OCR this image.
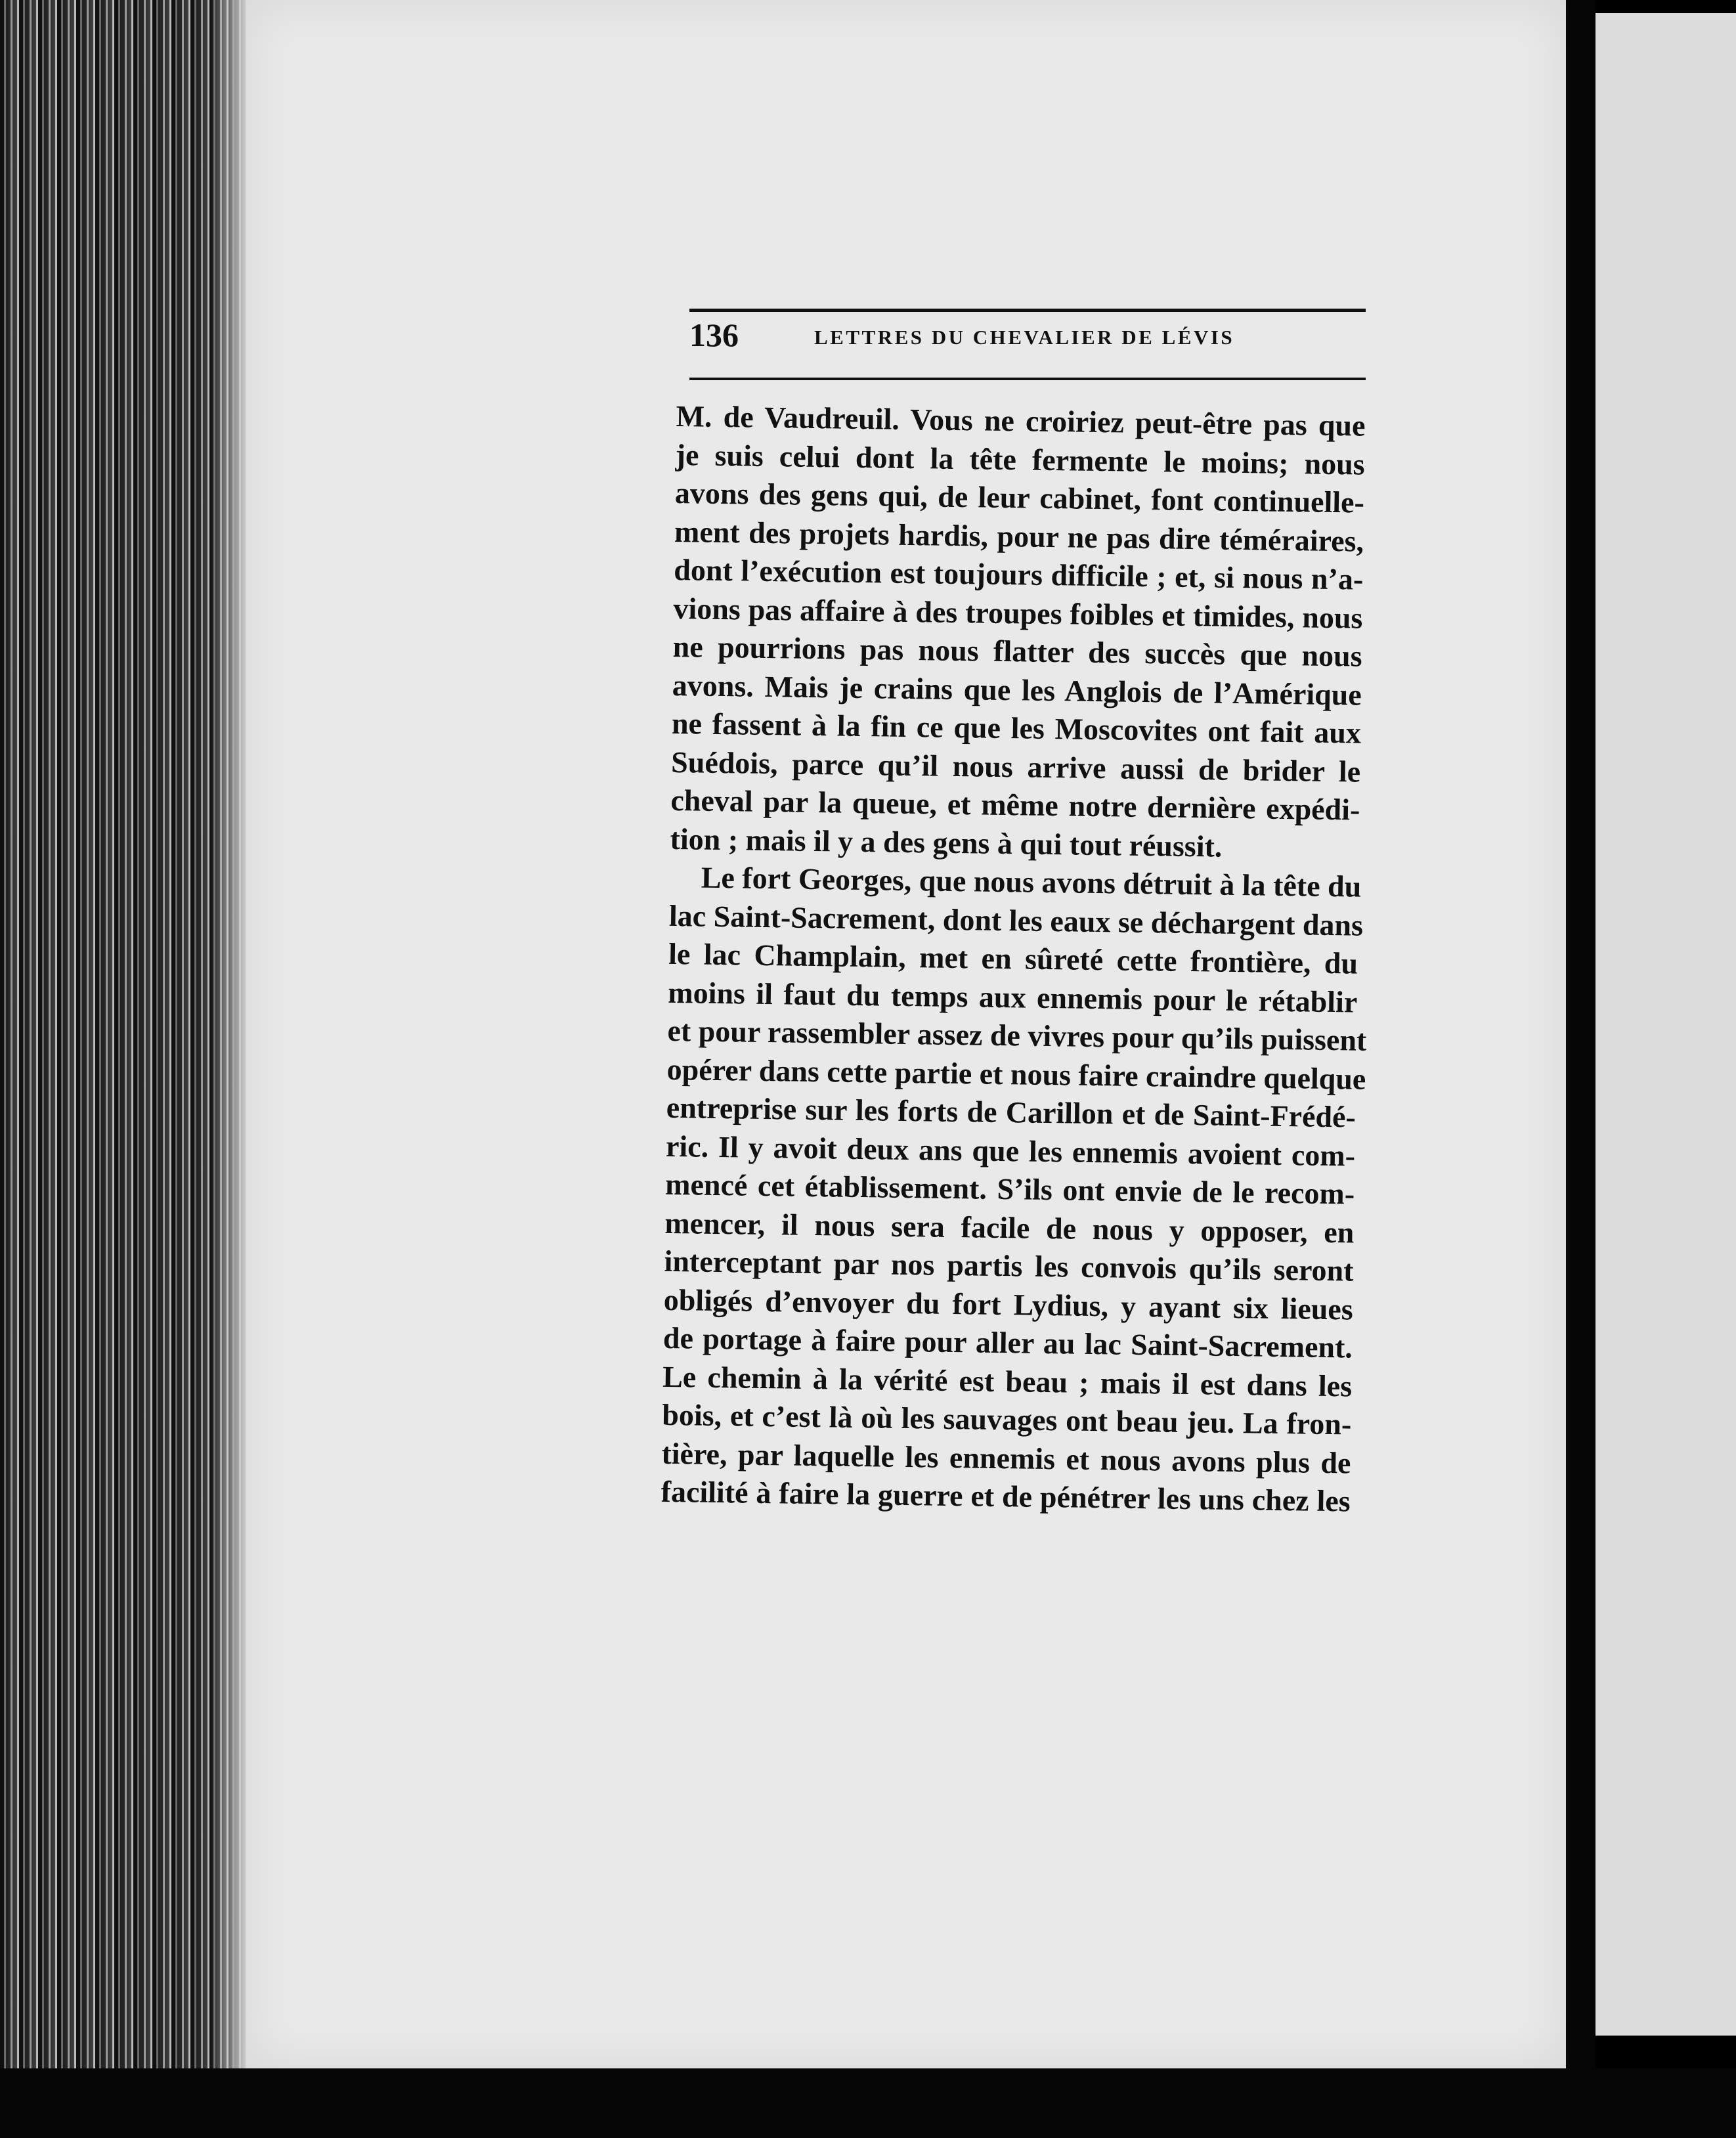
136	LETTRES DU CHEVALIER DE LÉVIS
M. de Vaudreuil. Vous ne croiriez peut-être pas que
je suis celui dont la tête fermente le moins; nous
avons des gens qui, de leur cabinet, font continuelle-
ment des projets hardis, pour ne pas dire téméraires,
dont l’exécution est toujours difficile ; et, si nous n’a-
vions pas affaire à des troupes foibles et timides, nous
ne pourrions pas nous flatter des succès que nous
avons. Mais je crains que les Anglois de l’Amérique
ne fassent à la fin ce que les Moscovites ont fait aux
Suédois, parce qu’il nous arrive aussi de brider le
cheval par la queue, et même notre dernière expédi-
tion ; mais il y a des gens à qui tout réussit.
Le fort Georges, que nous avons détruit à la tête du
lac Saint-Sacrement, dont les eaux se déchargent dans
le lac Champlain, met en sûreté cette frontière, du
moins il faut du temps aux ennemis pour le rétablir
et pour rassembler assez de vivres pour qu’ils puissent
opérer dans cette partie et nous faire craindre quelque
entreprise sur les forts de Carillon et de Saint-Frédé-
ric. Il y avoit deux ans que les ennemis avoient com-
mencé cet établissement. S’ils ont envie de le recom-
mencer, il nous sera facile de nous y opposer, en
interceptant par nos partis les convois qu’ils seront
obligés d’envoyer du fort Lydius, y ayant six lieues
de portage à faire pour aller au lac Saint-Sacrement.
Le chemin à la vérité est beau ; mais il est dans les
bois, et c’est là où les sauvages ont beau jeu. La fron-
tière, par laquelle les ennemis et nous avons plus de
facilité à faire la guerre et de pénétrer les uns chez les
